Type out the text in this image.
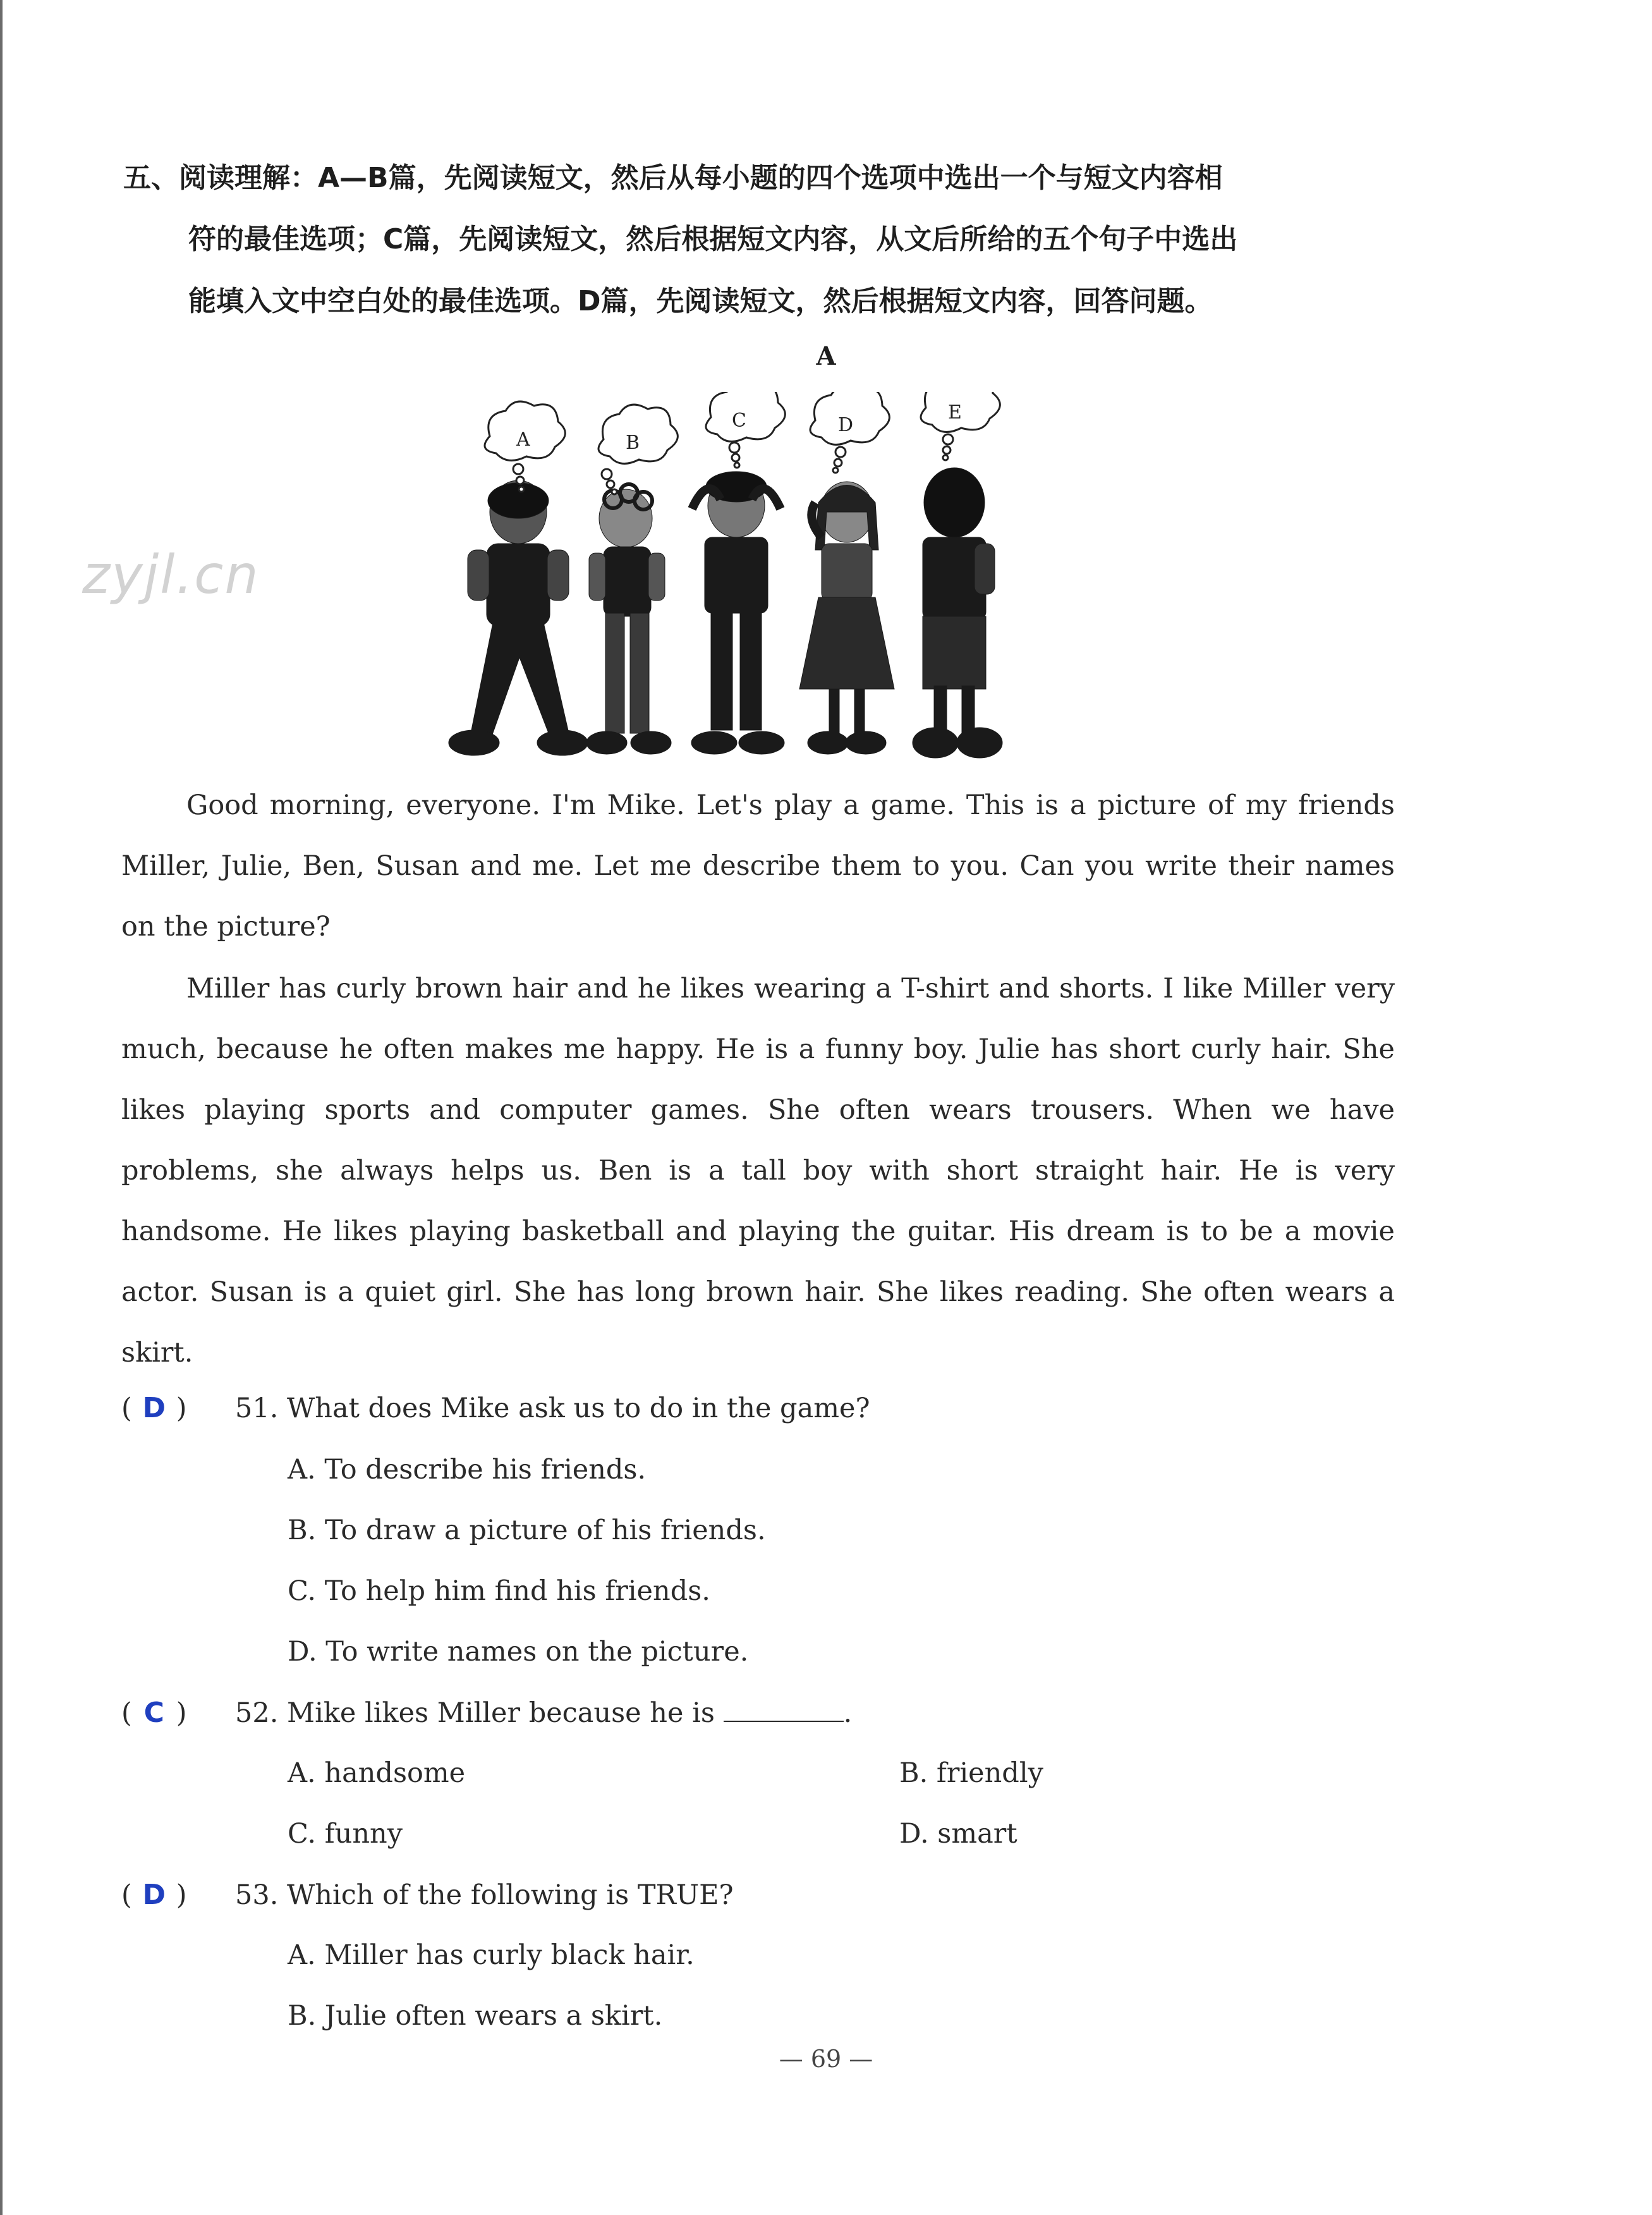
五、阅读理解：A—B篇，先阅读短文，然后从每小题的四个选项中选出一个与短文内容相
符的最佳选项；C篇，先阅读短文，然后根据短文内容，从文后所给的五个句子中选出
能填入文中空白处的最佳选项。D篇，先阅读短文，然后根据短文内容，回答问题。
A
zyjl.cn
A	B
C	D
E
Good morning, everyone. I'm Mike. Let's play a game. This is a picture of my friends Miller, Julie, Ben, Susan and me. Let me describe them to you. Can you write their names on the picture?
Miller has curly brown hair and he likes wearing a T-shirt and shorts. I like Miller very much, because he often makes me happy. He is a funny boy. Julie has short curly hair. She likes playing sports and computer games. She often wears trousers. When we have problems, she always helps us. Ben is a tall boy with short straight hair. He is very handsome. He likes playing basketball and playing the guitar. His dream is to be a movie actor. Susan is a quiet girl. She has long brown hair. She likes reading. She often wears a skirt.
( D ) 51. What does Mike ask us to do in the game?
A. To describe his friends.
B. To draw a picture of his friends.
C. To help him find his friends.
D. To write names on the picture.
( C ) 52. Mike likes Miller because he is	.
A. handsome	B. friendly
C. funny	D. smart
( D ) 53. Which of the following is TRUE?
A. Miller has curly black hair.
B. Julie often wears a skirt.
— 69 —
